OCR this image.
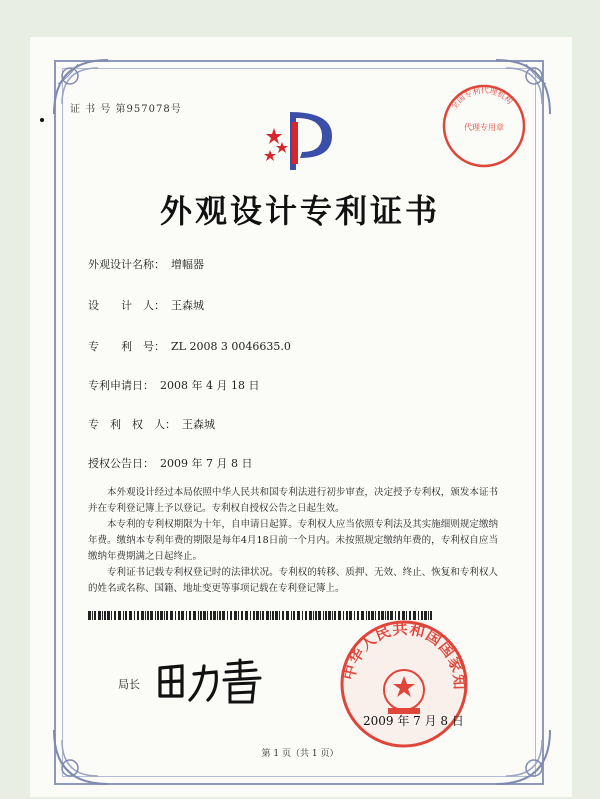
证 书 号 第957078号	全国专利代理机构
代理专用章
外观设计专利证书
外观设计名称： 增幅器
设　　计　人： 王森城
专　　利　号： ZL 2008 3 0046635.0
专利申请日： 2008 年 4 月 18 日
专　利　权　人： 王森城
授权公告日： 2009 年 7 月 8 日

本外观设计经过本局依照中华人民共和国专利法进行初步审查，决定授予专利权，颁发本证书并在专利登记簿上予以登记。专利权自授权公告之日起生效。

本专利的专利权期限为十年，自申请日起算。专利权人应当依照专利法及其实施细则规定缴纳年费。缴纳本专利年费的期限是每年4月18日前一个月内。未按照规定缴纳年费的，专利权自应当缴纳年费期满之日起终止。

专利证书记载专利权登记时的法律状况。专利权的转移、质押、无效、终止、恢复和专利权人的姓名或名称、国籍、地址变更等事项记载在专利登记簿上。

局长
中华人民共和国国家知
2009 年 7 月 8 日
第 1 页（共 1 页）
